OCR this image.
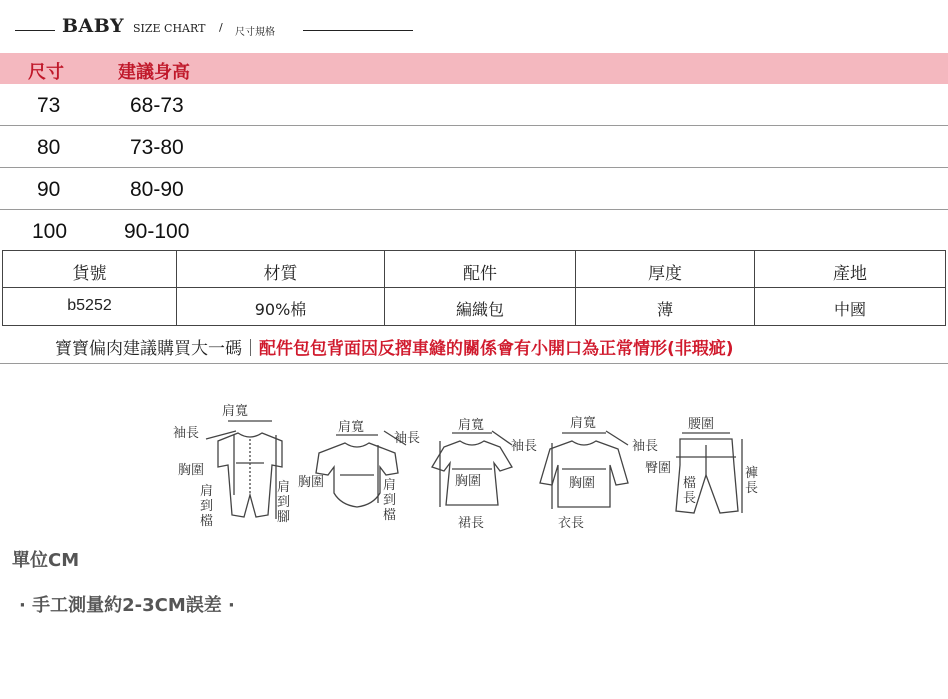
BABY SIZE CHART / 尺寸規格
尺寸	建議身高
73	68-73
80	73-80
90	80-90
100	90-100
貨號	材質	配件	厚度	產地
b5252	90%棉	編織包	薄	中國
寶寶偏肉建議購買大一碼｜配件包包背面因反摺車縫的關係會有小開口為正常情形(非瑕疵)
肩寬
袖長
胸圍
肩到檔
肩到腳
肩寬
袖長
胸圍	肩到檔
肩寬
袖長
胸圍
裙長
肩寬
袖長
胸圍
衣長
腰圍
臀圍
檔長
褲長
單位CM
· 手工測量約2-3CM誤差 ·
